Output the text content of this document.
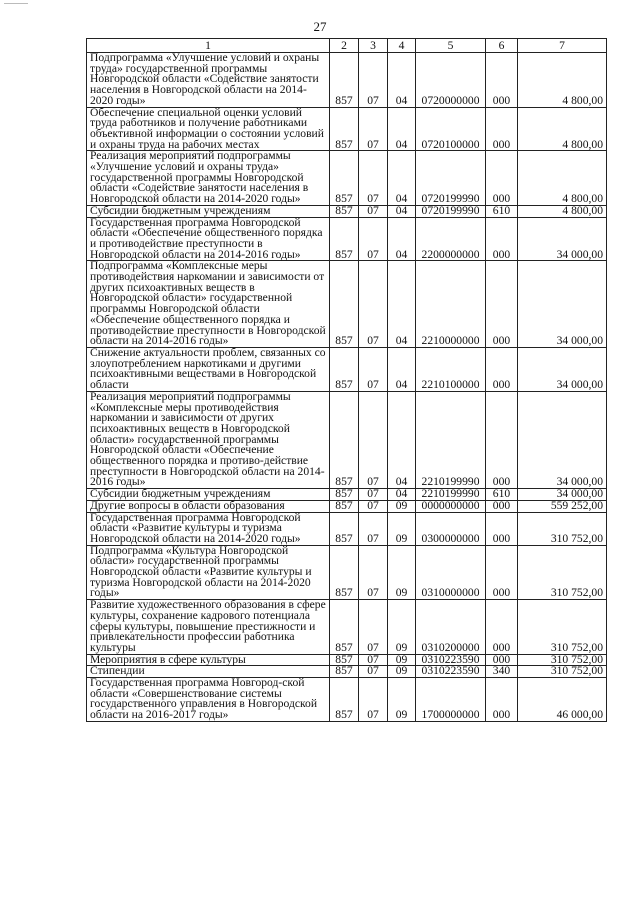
27
1	2	3	4	5	6	7
Подпрограмма «Улучшение условий и охраны труда» государственной программы Новгородской области «Содействие занятости населения в Новгородской области на 2014-2020 годы»	857	07	04	0720000000	000	4 800,00
Обеспечение специальной оценки условий труда работников и получение работниками объективной информации о состоянии условий и охраны труда на рабочих местах	857	07	04	0720100000	000	4 800,00
Реализация мероприятий подпрограммы «Улучшение условий и охраны труда» государственной программы Новгородской области «Содействие занятости населения в Новгородской области на 2014-2020 годы»	857	07	04	0720199990	000	4 800,00
Субсидии бюджетным учреждениям	857	07	04	0720199990	610	4 800,00
Государственная программа Новгородской области «Обеспечение общественного порядка и противодействие преступности в Новгородской области на 2014-2016 годы»	857	07	04	2200000000	000	34 000,00
Подпрограмма «Комплексные меры противодействия наркомании и зависимости от других психоактивных веществ в Новгородской области» государственной программы Новгородской области «Обеспечение общественного порядка и противодействие преступности в Новгородской области на 2014-2016 годы»	857	07	04	2210000000	000	34 000,00
Снижение актуальности проблем, связанных со злоупотреблением наркотиками и другими психоактивными веществами в Новгородской области	857	07	04	2210100000	000	34 000,00
Реализация мероприятий подпрограммы «Комплексные меры противодействия наркомании и зависимости от других психоактивных веществ в Новгородской области» государственной программы Новгородской области «Обеспечение общественного порядка и противо-действие преступности в Новгородской области на 2014-2016 годы»	857	07	04	2210199990	000	34 000,00
Субсидии бюджетным учреждениям	857	07	04	2210199990	610	34 000,00
Другие вопросы в области образования	857	07	09	0000000000	000	559 252,00
Государственная программа Новгородской области «Развитие культуры и туризма Новгородской области на 2014-2020 годы»	857	07	09	0300000000	000	310 752,00
Подпрограмма «Культура Новгородской области» государственной программы Новгородской области «Развитие культуры и туризма Новгородской области на 2014-2020 годы»	857	07	09	0310000000	000	310 752,00
Развитие художественного образования в сфере культуры, сохранение кадрового потенциала сферы культуры, повышение престижности и привлекательности профессии работника культуры	857	07	09	0310200000	000	310 752,00
Мероприятия в сфере культуры	857	07	09	0310223590	000	310 752,00
Стипендии	857	07	09	0310223590	340	310 752,00
Государственная программа Новгород-ской области «Совершенствование системы государственного управления в Новгородской области на 2016-2017 годы»	857	07	09	1700000000	000	46 000,00
